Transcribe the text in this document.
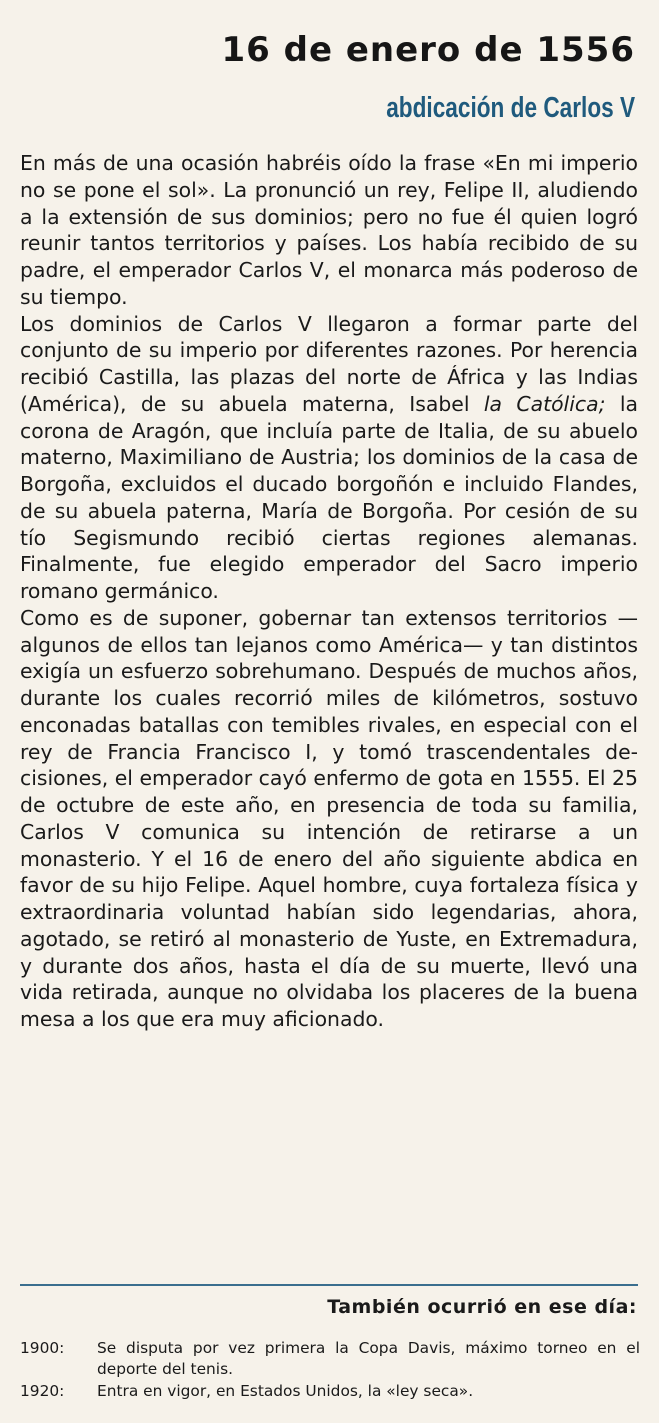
16 de enero de 1556
abdicación de Carlos V

En más de una ocasión habréis oído la frase «En mi imperio no se pone el sol». La pronunció un rey, Felipe II, aludiendo a la extensión de sus dominios; pero no fue él quien logró reunir tantos territorios y países. Los había recibido de su padre, el emperador Carlos V, el monarca más poderoso de su tiempo.

Los dominios de Carlos V llegaron a formar parte del conjunto de su imperio por diferentes razones. Por herencia recibió Castilla, las plazas del norte de África y las Indias (América), de su abuela materna, Isabel la Católica; la corona de Aragón, que incluía parte de Italia, de su abuelo materno, Maximiliano de Austria; los dominios de la casa de Borgoña, excluidos el ducado borgoñón e incluido Flandes, de su abuela paterna, María de Borgoña. Por cesión de su tío Segismundo recibió ciertas regiones alemanas. Finalmente, fue elegido emperador del Sacro imperio romano germánico.

Como es de suponer, gobernar tan extensos territorios —algunos de ellos tan lejanos como América— y tan distintos exigía un esfuerzo sobrehumano. Después de muchos años, durante los cuales recorrió miles de kilómetros, sostuvo enconadas batallas con temibles rivales, en especial con el rey de Francia Francisco I, y tomó trascendentales decisiones, el emperador cayó enfermo de gota en 1555. El 25 de octubre de este año, en presencia de toda su familia, Carlos V comunica su intención de retirarse a un monasterio. Y el 16 de enero del año siguiente abdica en favor de su hijo Felipe. Aquel hombre, cuya fortaleza física y extraordinaria voluntad habían sido legendarias, ahora, agotado, se retiró al monasterio de Yuste, en Extremadura, y durante dos años, hasta el día de su muerte, llevó una vida retirada, aunque no olvidaba los placeres de la buena mesa a los que era muy aficionado.

También ocurrió en ese día:
1900:	Se disputa por vez primera la Copa Davis, máximo torneo en el deporte del tenis.
1920:	Entra en vigor, en Estados Unidos, la «ley seca».
